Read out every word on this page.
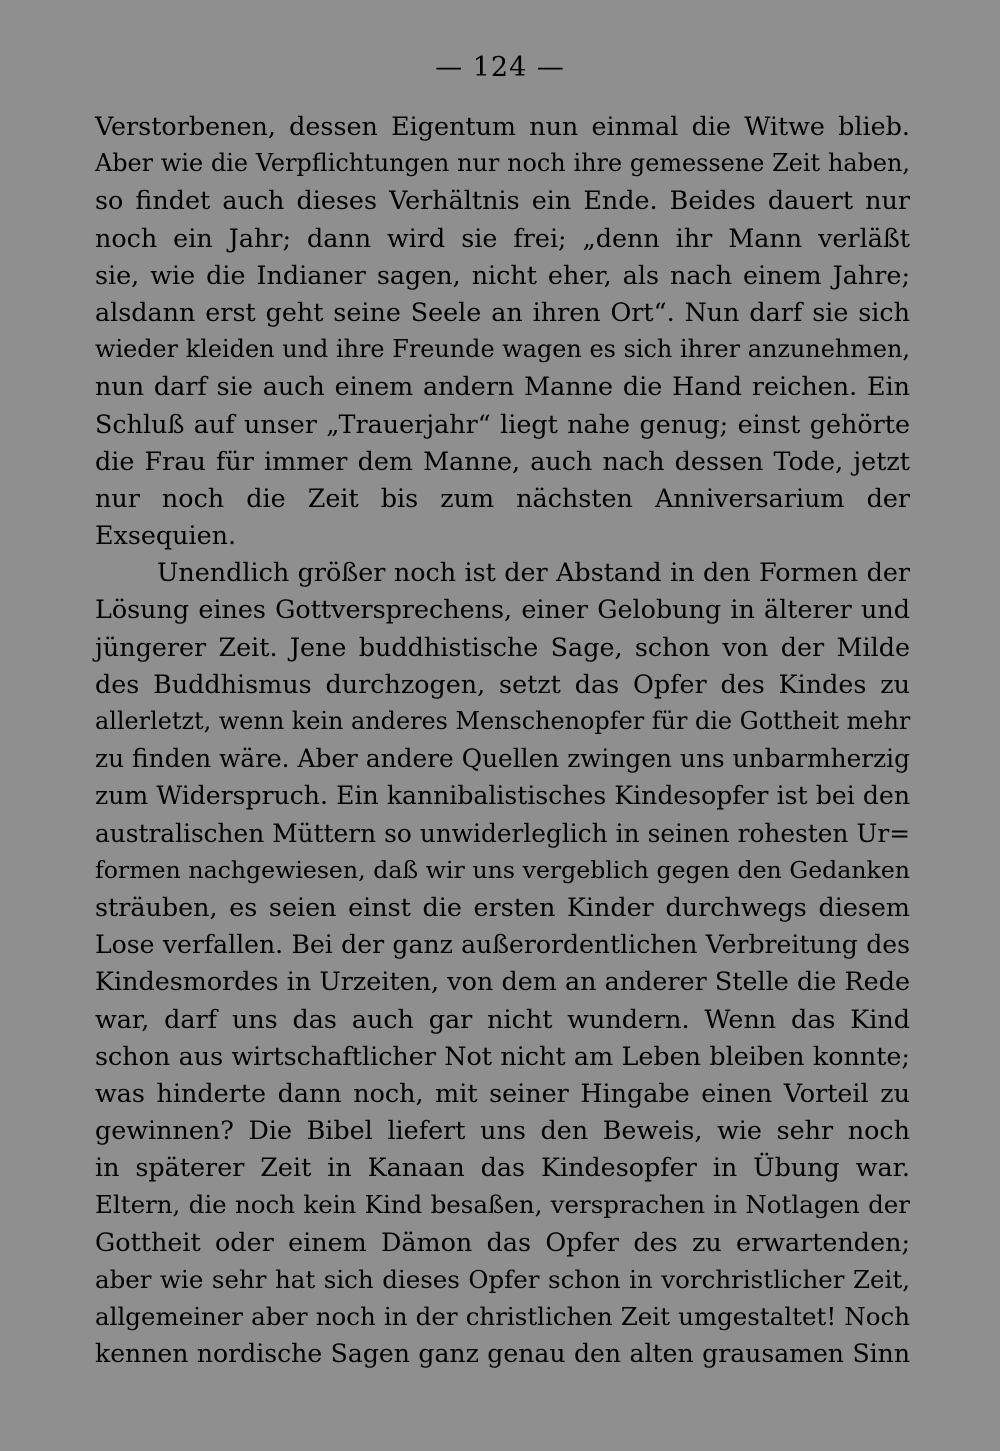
— 124 —
Verstorbenen, dessen Eigentum nun einmal die Witwe blieb.
Aber wie die Verpflichtungen nur noch ihre gemessene Zeit haben,
so findet auch dieses Verhältnis ein Ende. Beides dauert nur
noch ein Jahr; dann wird sie frei; „denn ihr Mann verläßt
sie, wie die Indianer sagen, nicht eher, als nach einem Jahre;
alsdann erst geht seine Seele an ihren Ort“. Nun darf sie sich
wieder kleiden und ihre Freunde wagen es sich ihrer anzunehmen,
nun darf sie auch einem andern Manne die Hand reichen. Ein
Schluß auf unser „Trauerjahr“ liegt nahe genug; einst gehörte
die Frau für immer dem Manne, auch nach dessen Tode, jetzt
nur noch die Zeit bis zum nächsten Anniversarium der
Exsequien.
Unendlich größer noch ist der Abstand in den Formen der
Lösung eines Gottversprechens, einer Gelobung in älterer und
jüngerer Zeit. Jene buddhistische Sage, schon von der Milde
des Buddhismus durchzogen, setzt das Opfer des Kindes zu
allerletzt, wenn kein anderes Menschenopfer für die Gottheit mehr
zu finden wäre. Aber andere Quellen zwingen uns unbarmherzig
zum Widerspruch. Ein kannibalistisches Kindesopfer ist bei den
australischen Müttern so unwiderleglich in seinen rohesten Ur=
formen nachgewiesen, daß wir uns vergeblich gegen den Gedanken
sträuben, es seien einst die ersten Kinder durchwegs diesem
Lose verfallen. Bei der ganz außerordentlichen Verbreitung des
Kindesmordes in Urzeiten, von dem an anderer Stelle die Rede
war, darf uns das auch gar nicht wundern. Wenn das Kind
schon aus wirtschaftlicher Not nicht am Leben bleiben konnte;
was hinderte dann noch, mit seiner Hingabe einen Vorteil zu
gewinnen? Die Bibel liefert uns den Beweis, wie sehr noch
in späterer Zeit in Kanaan das Kindesopfer in Übung war.
Eltern, die noch kein Kind besaßen, versprachen in Notlagen der
Gottheit oder einem Dämon das Opfer des zu erwartenden;
aber wie sehr hat sich dieses Opfer schon in vorchristlicher Zeit,
allgemeiner aber noch in der christlichen Zeit umgestaltet! Noch
kennen nordische Sagen ganz genau den alten grausamen Sinn
